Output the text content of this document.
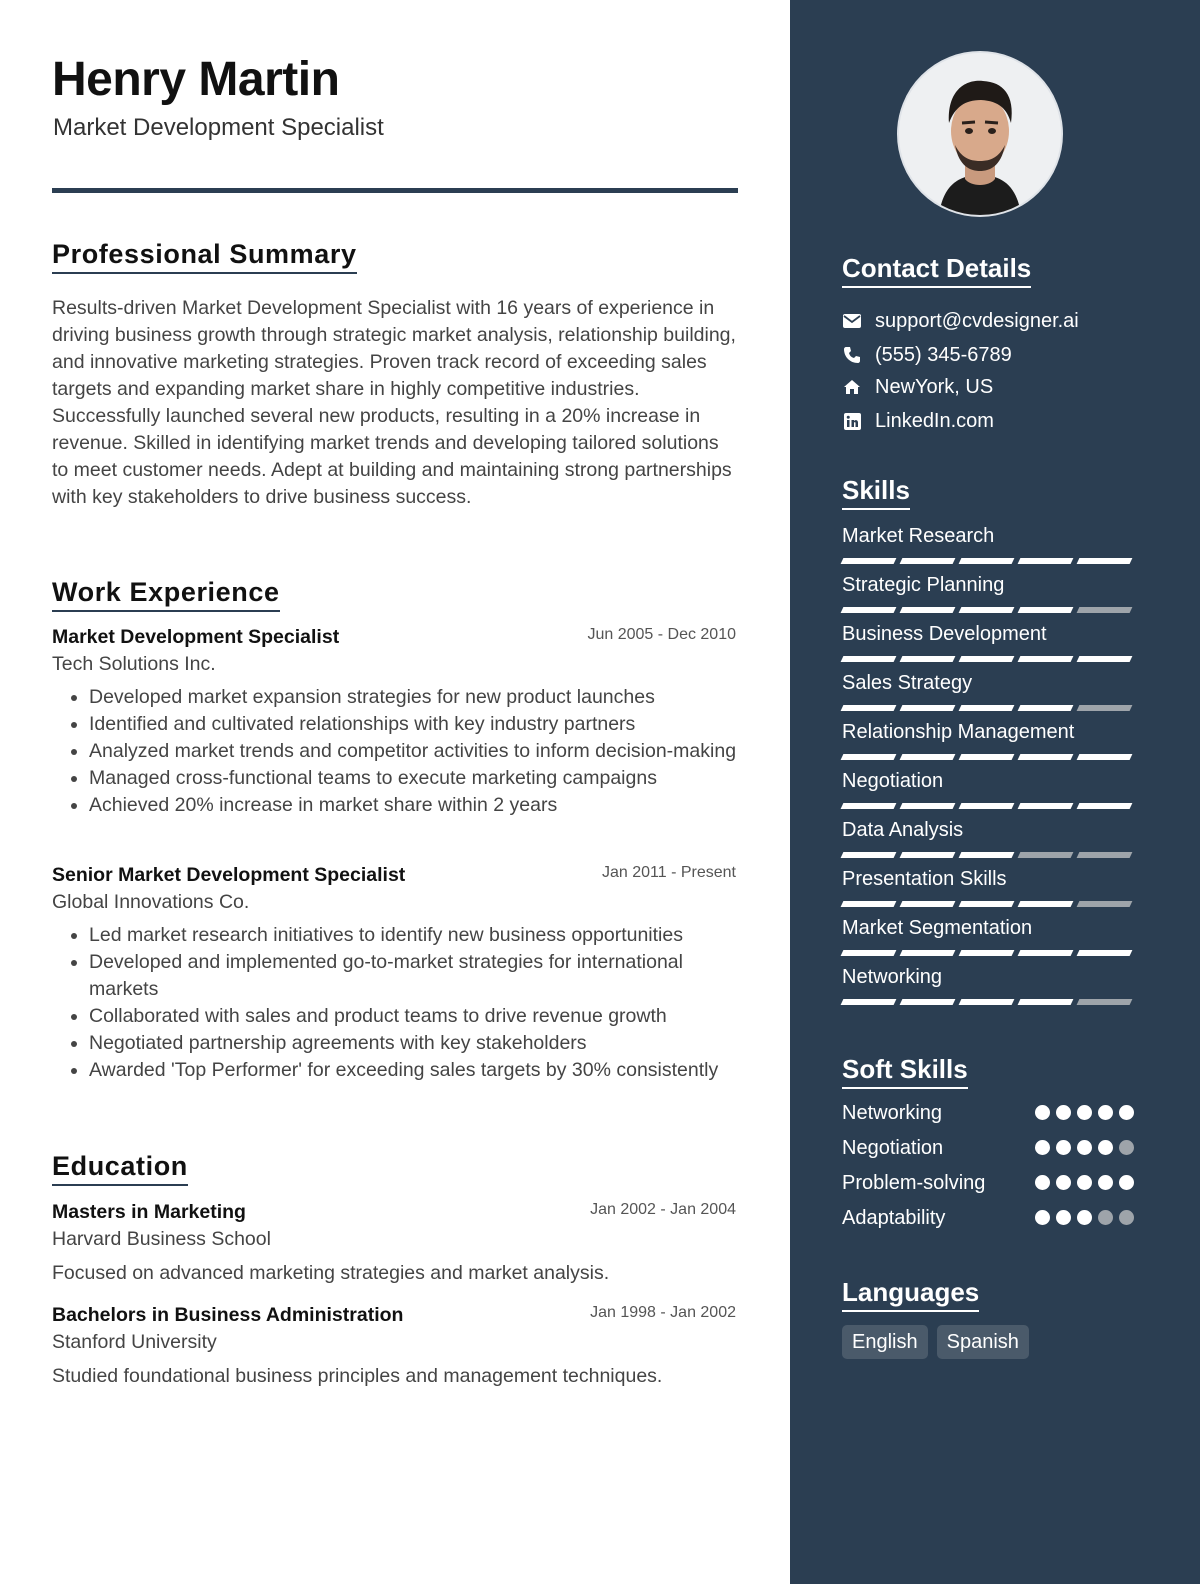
Henry Martin
Market Development Specialist
Professional Summary

Results-driven Market Development Specialist with 16 years of experience in driving business growth through strategic market analysis, relationship building, and innovative marketing strategies. Proven track record of exceeding sales targets and expanding market share in highly competitive industries. Successfully launched several new products, resulting in a 20% increase in revenue. Skilled in identifying market trends and developing tailored solutions to meet customer needs. Adept at building and maintaining strong partnerships with key stakeholders to drive business success.

Work Experience
Market Development Specialist	Jun 2005 - Dec 2010
Tech Solutions Inc.
• Developed market expansion strategies for new product launches
• Identified and cultivated relationships with key industry partners
• Analyzed market trends and competitor activities to inform decision-making
• Managed cross-functional teams to execute marketing campaigns
• Achieved 20% increase in market share within 2 years
Senior Market Development Specialist	Jan 2011 - Present
Global Innovations Co.
• Led market research initiatives to identify new business opportunities
• Developed and implemented go-to-market strategies for international markets
• Collaborated with sales and product teams to drive revenue growth
• Negotiated partnership agreements with key stakeholders
• Awarded 'Top Performer' for exceeding sales targets by 30% consistently
Education
Masters in Marketing	Jan 2002 - Jan 2004
Harvard Business School
Focused on advanced marketing strategies and market analysis.
Bachelors in Business Administration	Jan 1998 - Jan 2002
Stanford University
Studied foundational business principles and management techniques.
Contact Details
support@cvdesigner.ai
(555) 345-6789
NewYork, US
LinkedIn.com
Skills
Market Research
Strategic Planning
Business Development
Sales Strategy
Relationship Management
Negotiation
Data Analysis
Presentation Skills
Market Segmentation
Networking
Soft Skills
Networking
Negotiation
Problem-solving
Adaptability
Languages
English	Spanish
